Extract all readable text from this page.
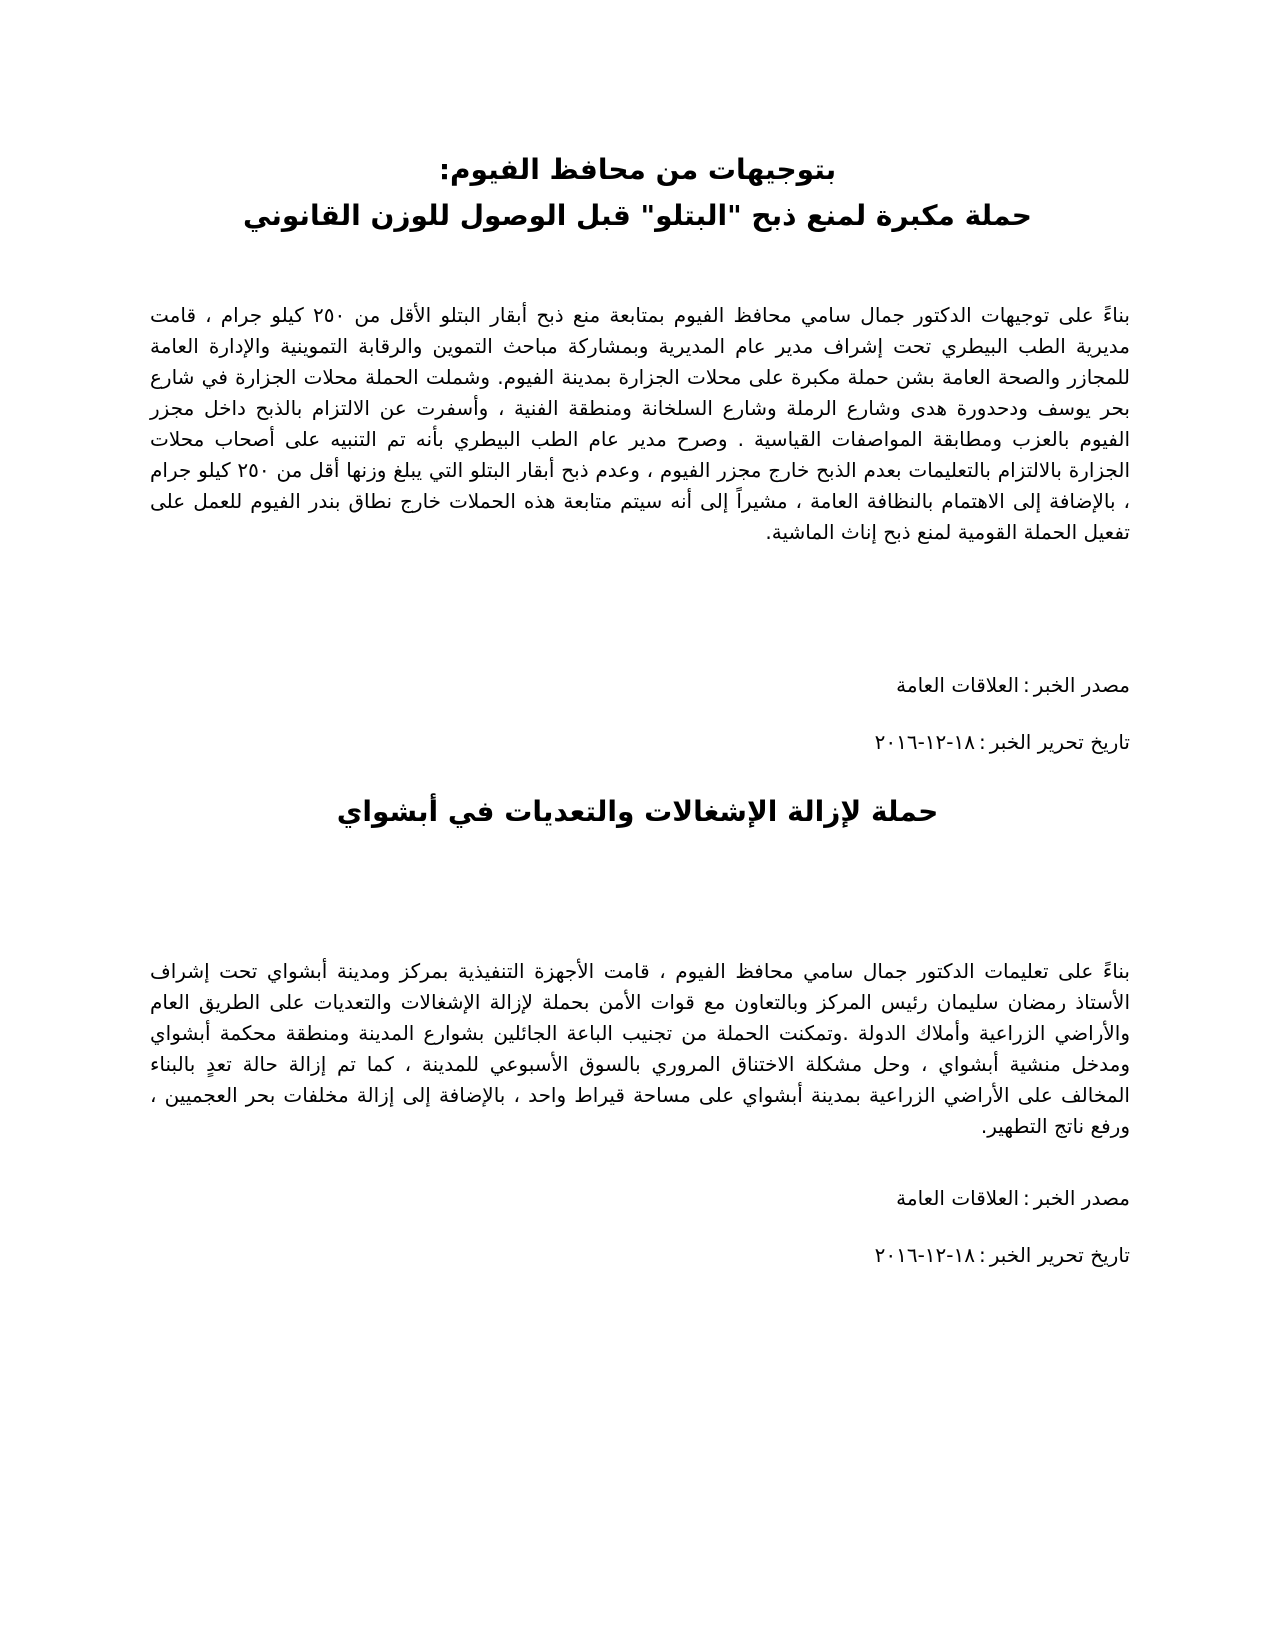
بتوجيهات من محافظ الفيوم:
حملة مكبرة لمنع ذبح "البتلو" قبل الوصول للوزن القانوني

بناءً على توجيهات الدكتور جمال سامي محافظ الفيوم بمتابعة منع ذبح أبقار البتلو الأقل من ٢٥٠ كيلو جرام ، قامت مديرية الطب البيطري تحت إشراف مدير عام المديرية وبمشاركة مباحث التموين والرقابة التموينية والإدارة العامة للمجازر والصحة العامة بشن حملة مكبرة على محلات الجزارة بمدينة الفيوم. وشملت الحملة محلات الجزارة في شارع بحر يوسف ودحدورة هدى وشارع الرملة وشارع السلخانة ومنطقة الفنية ، وأسفرت عن الالتزام بالذبح داخل مجزر الفيوم بالعزب ومطابقة المواصفات القياسية . وصرح مدير عام الطب البيطري بأنه تم التنبيه على أصحاب محلات الجزارة بالالتزام بالتعليمات بعدم الذبح خارج مجزر الفيوم ، وعدم ذبح أبقار البتلو التي يبلغ وزنها أقل من ٢٥٠ كيلو جرام ، بالإضافة إلى الاهتمام بالنظافة العامة ، مشيراً إلى أنه سيتم متابعة هذه الحملات خارج نطاق بندر الفيوم للعمل على تفعيل الحملة القومية لمنع ذبح إناث الماشية.

مصدر الخبر:العلاقات العامة

تاريخ تحرير الخبر:١٨-١٢-٢٠١٦

حملة لإزالة الإشغالات والتعديات في أبشواي

بناءً على تعليمات الدكتور جمال سامي محافظ الفيوم ، قامت الأجهزة التنفيذية بمركز ومدينة أبشواي تحت إشراف الأستاذ رمضان سليمان رئيس المركز وبالتعاون مع قوات الأمن بحملة لإزالة الإشغالات والتعديات على الطريق العام والأراضي الزراعية وأملاك الدولة .وتمكنت الحملة من تجنيب الباعة الجائلين بشوارع المدينة ومنطقة محكمة أبشواي ومدخل منشية أبشواي ، وحل مشكلة الاختناق المروري بالسوق الأسبوعي للمدينة ، كما تم إزالة حالة تعدٍ بالبناء المخالف على الأراضي الزراعية بمدينة أبشواي على مساحة قيراط واحد ، بالإضافة إلى إزالة مخلفات بحر العجميين ، ورفع ناتج التطهير.

مصدر الخبر:العلاقات العامة

تاريخ تحرير الخبر:١٨-١٢-٢٠١٦
